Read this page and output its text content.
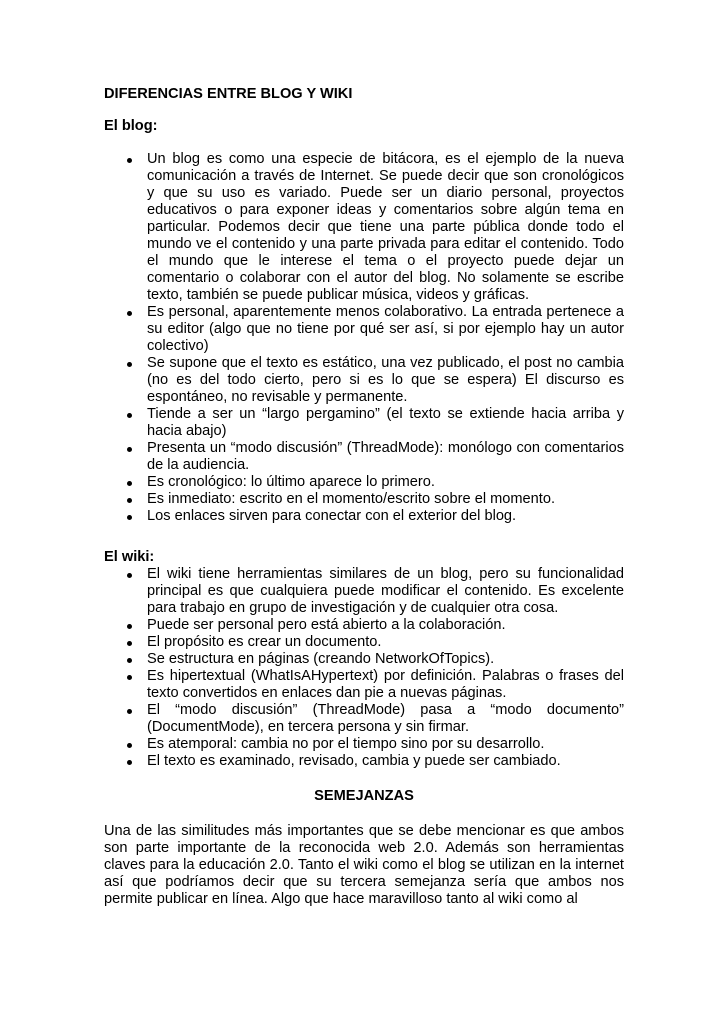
DIFERENCIAS ENTRE BLOG Y WIKI
El blog:
Un blog es como una especie de bitácora, es el ejemplo de la nueva comunicación a través de Internet. Se puede decir que son cronológicos y que su uso es variado. Puede ser un diario personal, proyectos educativos o para exponer ideas y comentarios sobre algún tema en particular. Podemos decir que tiene una parte pública donde todo el mundo ve el contenido y una parte privada para editar el contenido. Todo el mundo que le interese el tema o el proyecto puede dejar un comentario o colaborar con el autor del blog. No solamente se escribe texto, también se puede publicar música, videos y gráficas.
Es personal, aparentemente menos colaborativo. La entrada pertenece a su editor (algo que no tiene por qué ser así, si por ejemplo hay un autor colectivo)
Se supone que el texto es estático, una vez publicado, el post no cambia (no es del todo cierto, pero si es lo que se espera) El discurso es espontáneo, no revisable y permanente.
Tiende a ser un “largo pergamino” (el texto se extiende hacia arriba y hacia abajo)
Presenta un “modo discusión” (ThreadMode): monólogo con comentarios de la audiencia.
Es cronológico: lo último aparece lo primero.
Es inmediato: escrito en el momento/escrito sobre el momento.
Los enlaces sirven para conectar con el exterior del blog.
El wiki:
El wiki tiene herramientas similares de un blog, pero su funcionalidad principal es que cualquiera puede modificar el contenido. Es excelente para trabajo en grupo de investigación y de cualquier otra cosa.
Puede ser personal pero está abierto a la colaboración.
El propósito es crear un documento.
Se estructura en páginas (creando NetworkOfTopics).
Es hipertextual (WhatIsAHypertext) por definición. Palabras o frases del texto convertidos en enlaces dan pie a nuevas páginas.
El “modo discusión” (ThreadMode) pasa a “modo documento” (DocumentMode), en tercera persona y sin firmar.
Es atemporal: cambia no por el tiempo sino por su desarrollo.
El texto es examinado, revisado, cambia y puede ser cambiado.
SEMEJANZAS

Una de las similitudes más importantes que se debe mencionar es que ambos son parte importante de la reconocida web 2.0. Además son herramientas claves para la educación 2.0. Tanto el wiki como el blog se utilizan en la internet así que podríamos decir que su tercera semejanza sería que ambos nos permite publicar en línea. Algo que hace maravilloso tanto al wiki como al
